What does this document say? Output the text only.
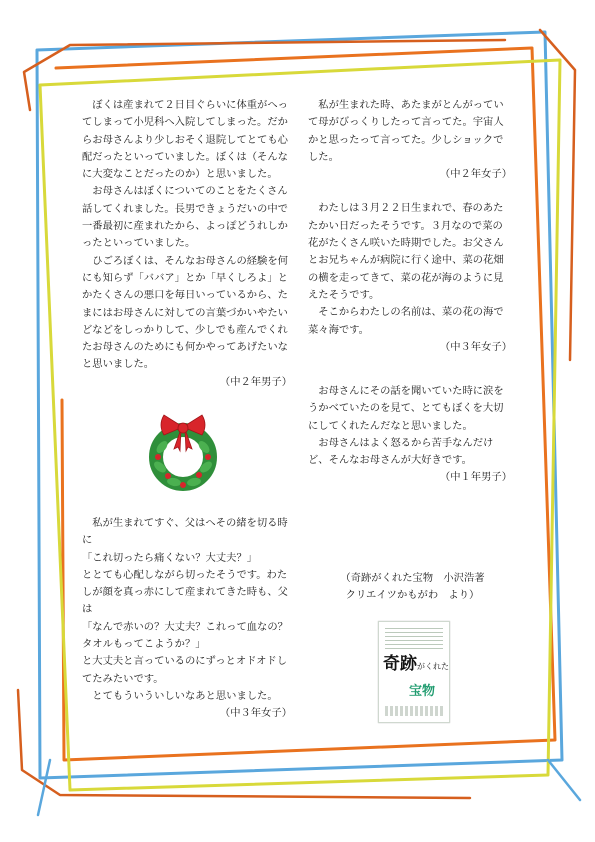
　ぼくは産まれて２日目ぐらいに体重がへってしまって小児科へ入院してしまった。だからお母さんより少しおそく退院してとても心配だったといっていました。ぼくは（そんなに大変なことだったのか）と思いました。

　お母さんはぼくについてのことをたくさん話してくれました。長男できょうだいの中で一番最初に産まれたから、よっぽどうれしかったといっていました。

　ひごろぼくは、そんなお母さんの経験を何にも知らず「ババア」とか「早くしろよ」とかたくさんの悪口を毎日いっているから、たまにはお母さんに対しての言葉づかいやたいどなどをしっかりして、少しでも産んでくれたお母さんのためにも何かやってあげたいなと思いました。

（中２年男子）

　私が生まれてすぐ、父はへその緒を切る時に

「これ切ったら痛くない？大丈夫？」

ととても心配しながら切ったそうです。わたしが顔を真っ赤にして産まれてきた時も、父は

「なんで赤いの？大丈夫？これって血なの？タオルもってこようか？」

と大丈夫と言っているのにずっとオドオドしてたみたいです。

　とてもういういしいなあと思いました。

（中３年女子）

　私が生まれた時、あたまがとんがっていて母がびっくりしたって言ってた。宇宙人かと思ったって言ってた。少しショックでした。

（中２年女子）

　わたしは３月２２日生まれで、春のあたたかい日だったそうです。３月なので菜の花がたくさん咲いた時期でした。お父さんとお兄ちゃんが病院に行く途中、菜の花畑の横を走ってきて、菜の花が海のように見えたそうです。

　そこからわたしの名前は、菜の花の海で菜々海です。

（中３年女子）

　お母さんにその話を聞いていた時に涙をうかべていたのを見て、とてもぼくを大切にしてくれたんだなと思いました。

　お母さんはよく怒るから苦手なんだけど、そんなお母さんが大好きです。

（中１年男子）

（奇跡がくれた宝物　小沢浩著

クリエイツかもがわ　より）

奇跡 がくれた
宝物
